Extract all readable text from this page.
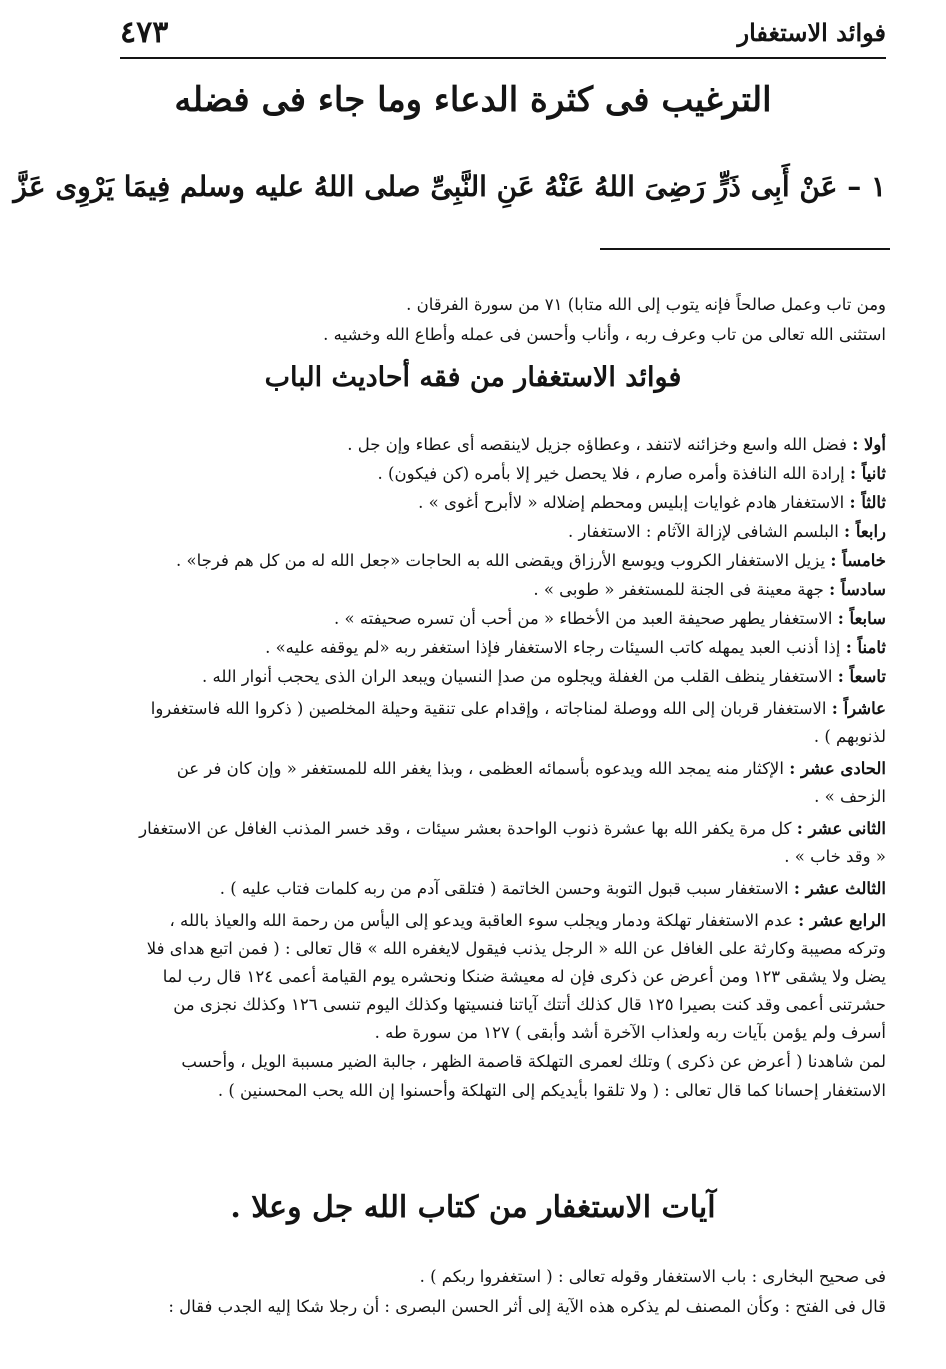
فوائد الاستغفار
٤٧٣
الترغيب فى كثرة الدعاء وما جاء فى فضله
١ – عَنْ أَبِى ذَرٍّ رَضِىَ اللهُ عَنْهُ عَنِ النَّبِىِّ صلى اللهُ عليه وسلم فِيمَا يَرْوِى عَزَّ

ومن تاب وعمل صالحاً فإنه يتوب إلى الله متابا) ٧١ من سورة الفرقان .

استثنى الله تعالى من تاب وعرف ربه ، وأناب وأحسن فى عمله وأطاع الله وخشيه .

فوائد الاستغفار من فقه أحاديث الباب

أولا : فضل الله واسع وخزائنه لاتنفد ، وعطاؤه جزيل لاينقصه أى عطاء وإن جل .

ثانياً : إرادة الله النافذة وأمره صارم ، فلا يحصل خير إلا بأمره (كن فيكون) .

ثالثاً : الاستغفار هادم غوايات إبليس ومحطم إضلاله « لاأبرح أغوى » .

رابعاً : البلسم الشافى لإزالة الآثام : الاستغفار .

خامساً : يزيل الاستغفار الكروب ويوسع الأرزاق ويقضى الله به الحاجات «جعل الله له من كل هم فرجا» .

سادساً : جهة معينة فى الجنة للمستغفر « طوبى » .

سابعاً : الاستغفار يطهر صحيفة العبد من الأخطاء « من أحب أن تسره صحيفته » .

ثامناً : إذا أذنب العبد يمهله كاتب السيئات رجاء الاستغفار فإذا استغفر ربه «لم يوقفه عليه» .

تاسعاً : الاستغفار ينظف القلب من الغفلة ويجلوه من صدإ النسيان ويبعد الران الذى يحجب أنوار الله .

عاشراً : الاستغفار قربان إلى الله ووصلة لمناجاته ، وإقدام على تنقية وحيلة المخلصين ( ذكروا الله فاستغفروا لذنوبهم ) .

الحادى عشر : الإكثار منه يمجد الله ويدعوه بأسمائه العظمى ، وبذا يغفر الله للمستغفر « وإن كان فر عن الزحف » .

الثانى عشر : كل مرة يكفر الله بها عشرة ذنوب الواحدة بعشر سيئات ، وقد خسر المذنب الغافل عن الاستغفار « وقد خاب » .

الثالث عشر : الاستغفار سبب قبول التوبة وحسن الخاتمة ( فتلقى آدم من ربه كلمات فتاب عليه ) .

الرابع عشر : عدم الاستغفار تهلكة ودمار ويجلب سوء العاقبة ويدعو إلى اليأس من رحمة الله والعياذ بالله ، وتركه مصيبة وكارثة على الغافل عن الله « الرجل يذنب فيقول لايغفره الله » قال تعالى : ( فمن اتبع هداى فلا يضل ولا يشقى ١٢٣ ومن أعرض عن ذكرى فإن له معيشة ضنكا ونحشره يوم القيامة أعمى ١٢٤ قال رب لما حشرتنى أعمى وقد كنت بصيرا ١٢٥ قال كذلك أتتك آياتنا فنسيتها وكذلك اليوم تنسى ١٢٦ وكذلك نجزى من أسرف ولم يؤمن بآيات ربه ولعذاب الآخرة أشد وأبقى ) ١٢٧ من سورة طه .

لمن شاهدنا ( أعرض عن ذكرى ) وتلك لعمرى التهلكة قاصمة الظهر ، جالبة الضير مسببة الويل ، وأحسب الاستغفار إحسانا كما قال تعالى : ( ولا تلقوا بأيديكم إلى التهلكة وأحسنوا إن الله يحب المحسنين ) .

آيات الاستغفار من كتاب الله جل وعلا .

فى صحيح البخارى : باب الاستغفار وقوله تعالى : ( استغفروا ربكم ) .

قال فى الفتح : وكأن المصنف لم يذكره هذه الآية إلى أثر الحسن البصرى : أن رجلا شكا إليه الجدب فقال :
